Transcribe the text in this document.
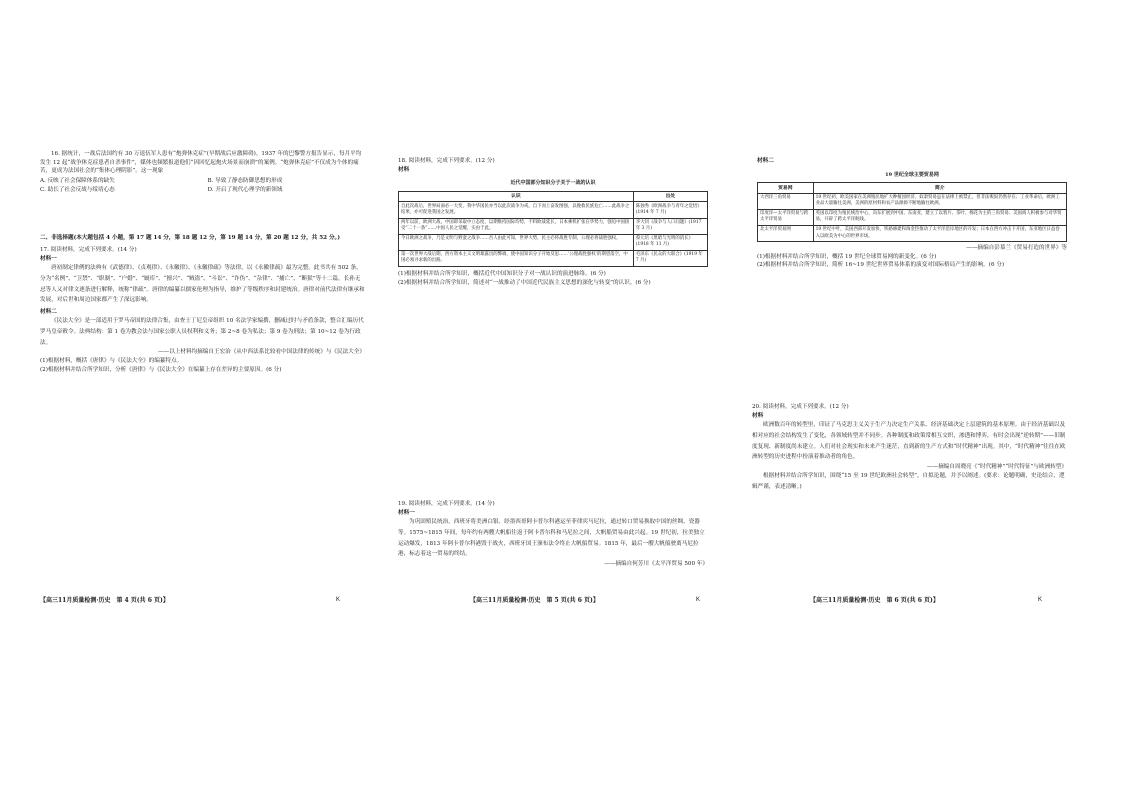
16. 据统计，一战后法国约有 30 万退伍军人患有“炮弹休克症”(早期战后应激障碍)。1937 年的巴黎警方报告显示，每月平均发生 12 起“战争休克症患者自杀事件”，媒体也频繁报道他们“因回忆起炮火场景而崩溃”的案例。“炮弹休克症”不仅成为个体的痛苦，更成为法国社会的“集体心理阴影”。这一现象
A. 反映了社会保障体系的缺失	B. 导致了静态防御思想的形成
C. 助长了社会反战与绥靖心态	D. 开启了现代心理学的新领域
二、非选择题(本大题包括 4 小题，第 17 题 14 分，第 18 题 12 分，第 19 题 14 分，第 20 题 12 分，共 52 分。)
17. 阅读材料，完成下列要求。(14 分)
材料一
唐初制定律例的法典有《武德律》、《贞观律》、《永徽律》、《永徽律疏》等法律，以《永徽律疏》最为完整。此书共有 502 条，分为“名例”、“卫禁”、“职制”、“户婚”、“厩库”、“擅兴”、“贼盗”、“斗讼”、“诈伪”、“杂律”、“捕亡”、“断狱”等十二篇，长孙无忌等人又对律文逐条进行解释，统称“律疏”。唐律的编纂以儒家伦理为指导，维护了等级秩序和封建统治。唐律对前代法律有继承和发展，对后世和周边国家都产生了深远影响。
材料二
《民法大全》是一部适用于罗马帝国的法律合集，由查士丁尼皇帝组织 10 名法学家编撰，删减过时与矛盾条款，整合汇编历代罗马皇帝敕令。法典结构：第 1 卷为教会法与国家公职人员权利和义务；第 2~8 卷为私法；第 9 卷为刑法；第 10~12 卷为行政法。
——以上材料均摘编自王宏治《从中西法系比较看中国法律的传统》与《民法大全》
(1)根据材料，概括《唐律》与《民法大全》的编纂特点。
(2)根据材料并结合所学知识，分析《唐律》与《民法大全》在编纂上存在差异的主要原因。(6 分)
【高三11月质量检测·历史　第 4 页(共 6 页)】	K
18. 阅读材料，完成下列要求。(12 分)
材料
近代中国部分知识分子关于一战的认识
认识	出处
自此次战后，世界局面必一大变，我中华国民亦当以此次战争为戒，自下而上奋发图强，以挽救民族危亡……此战争之结果，亦可促进我国之发展。	陈独秀《欧洲战争与青年之觉悟》(1914 年 7 月)
两年以前，欧洲大战，中国即采取中立态度，以期维持国际均势，不料欧战延长，日本乘机扩张在华势力，强迫中国接受“二十一条”……中国人民之觉醒，实由于此。	李大钊《战争与人口问题》(1917 年 3 月)
今日欧洲之战争，乃是文明与野蛮之战争……吾人由此可知，世界大势，民主必将战胜专制，公理必将战胜强权。	蔡元培《黑暗与光明的消长》(1918 年 11 月)
第一次世界大战后期，西方资本主义文明暴露出的弊端，使中国知识分子开始反思……‘公理战胜强权’的期望落空，中国必须寻求新的出路。	毛泽东《民众的大联合》(1919 年 7 月)
(1)根据材料并结合所学知识，概括近代中国知识分子对一战认识的演进脉络。(6 分)
(2)根据材料并结合所学知识，简述对“一战推动了中国近代民族主义思想的深化与转变”的认识。(6 分)
19. 阅读材料，完成下列要求。(14 分)
材料一
为巩固殖民统治，西班牙将美洲白银、经墨西哥阿卡普尔科港运至菲律宾马尼拉，通过转口贸易换取中国的丝绸、瓷器等。1575~1815 年间，每年约有两艘大帆船往返于阿卡普尔科和马尼拉之间，大帆船贸易由此兴起。19 世纪初，拉美独立运动爆发，1813 年阿卡普尔科港毁于战火，西班牙国王颁布法令终止大帆船贸易。1815 年，最后一艘大帆船驶离马尼拉港，标志着这一贸易的终结。
——摘编自何芳川《太平洋贸易 500 年》
【高三11月质量检测·历史　第 5 页(共 6 页)】	K
材料二
19 世纪全球主要贸易网
贸易网	简介
大西洋三角贸易	19 世纪初，欧美国家在美洲殖民地扩大种植园经济，奴隶贸易虽在法律上被禁止，但非法贩奴仍然存在；工业革命后，欧洲工业品大量输往美洲，美洲的原材料和农产品源源不断地输往欧洲。
印度洋—太平洋贸易与跨太平洋贸易	英国以印度为殖民统治中心，向东扩展到中国、东南亚，建立了以鸦片、茶叶、棉花为主的三角贸易；美国商人积极参与对华贸易，开辟了跨太平洋航线。
北太平洋贸易网	19 世纪中叶，美国西部开发加快，铁路修建和淘金热推动了太平洋沿岸地区的开发；日本在西方冲击下开国，东亚地区日益卷入以欧美为中心的世界市场。
——摘编自彭慕兰《贸易打造的世界》等
(1)根据材料并结合所学知识，概括 19 世纪全球贸易网的新变化。(6 分)
(2)根据材料并结合所学知识，简析 16~19 世纪世界贸易体系的演变对国际格局产生的影响。(6 分)
20. 阅读材料，完成下列要求。(12 分)
材料
欧洲数百年的转型里，印证了马克思主义关于生产力决定生产关系、经济基础决定上层建筑的基本原理。由于经济基础以及相对应的社会结构发生了变化，各领域转型并不同步。各种制度和政策常相互交织，渗透和博弈，有时会出现“逆转期”——旧制度复现、新制度尚未建立。人们对社会现实和未来产生迷茫，直到新的生产方式和“时代精神”出现。其中，“时代精神”往往在欧洲转型的历史进程中扮演着推动者的角色。
——摘编自周晓亮《“时代精神”“时代特征”与欧洲转型》
根据材料并结合所学知识，围绕“15 至 19 世纪欧洲社会转型”，自拟论题，并予以阐述。(要求：论题明确，史论结合，逻辑严谨，表述清晰。)
【高三11月质量检测·历史　第 6 页(共 6 页)】	K
